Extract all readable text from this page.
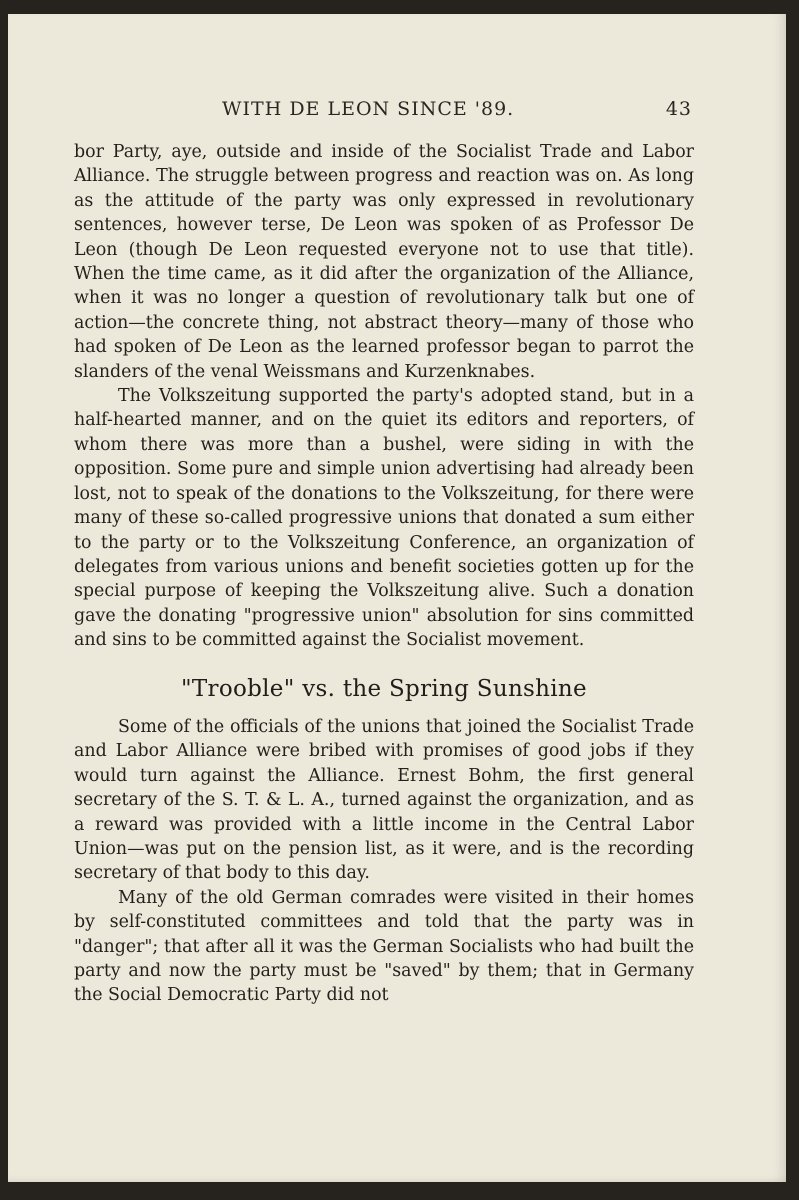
WITH DE LEON SINCE '89.	43

bor Party, aye, outside and inside of the Socialist Trade and Labor Alliance. The struggle between progress and reaction was on. As long as the attitude of the party was only expressed in revolutionary sentences, however terse, De Leon was spoken of as Professor De Leon (though De Leon requested everyone not to use that title). When the time came, as it did after the organization of the Alliance, when it was no longer a question of revolutionary talk but one of action—the concrete thing, not abstract theory—many of those who had spoken of De Leon as the learned professor began to parrot the slanders of the venal Weissmans and Kurzenknabes.

The Volkszeitung supported the party's adopted stand, but in a half-hearted manner, and on the quiet its editors and reporters, of whom there was more than a bushel, were siding in with the opposition. Some pure and simple union advertising had already been lost, not to speak of the donations to the Volkszeitung, for there were many of these so-called progressive unions that donated a sum either to the party or to the Volkszeitung Conference, an organization of delegates from various unions and benefit societies gotten up for the special purpose of keeping the Volkszeitung alive. Such a donation gave the donating "progressive union" absolution for sins committed and sins to be committed against the Socialist movement.

"Trooble" vs. the Spring Sunshine

Some of the officials of the unions that joined the Socialist Trade and Labor Alliance were bribed with promises of good jobs if they would turn against the Alliance. Ernest Bohm, the first general secretary of the S. T. & L. A., turned against the organization, and as a reward was provided with a little income in the Central Labor Union—was put on the pension list, as it were, and is the recording secretary of that body to this day.

Many of the old German comrades were visited in their homes by self-constituted committees and told that the party was in "danger"; that after all it was the German Socialists who had built the party and now the party must be "saved" by them; that in Germany the Social Democratic Party did not
